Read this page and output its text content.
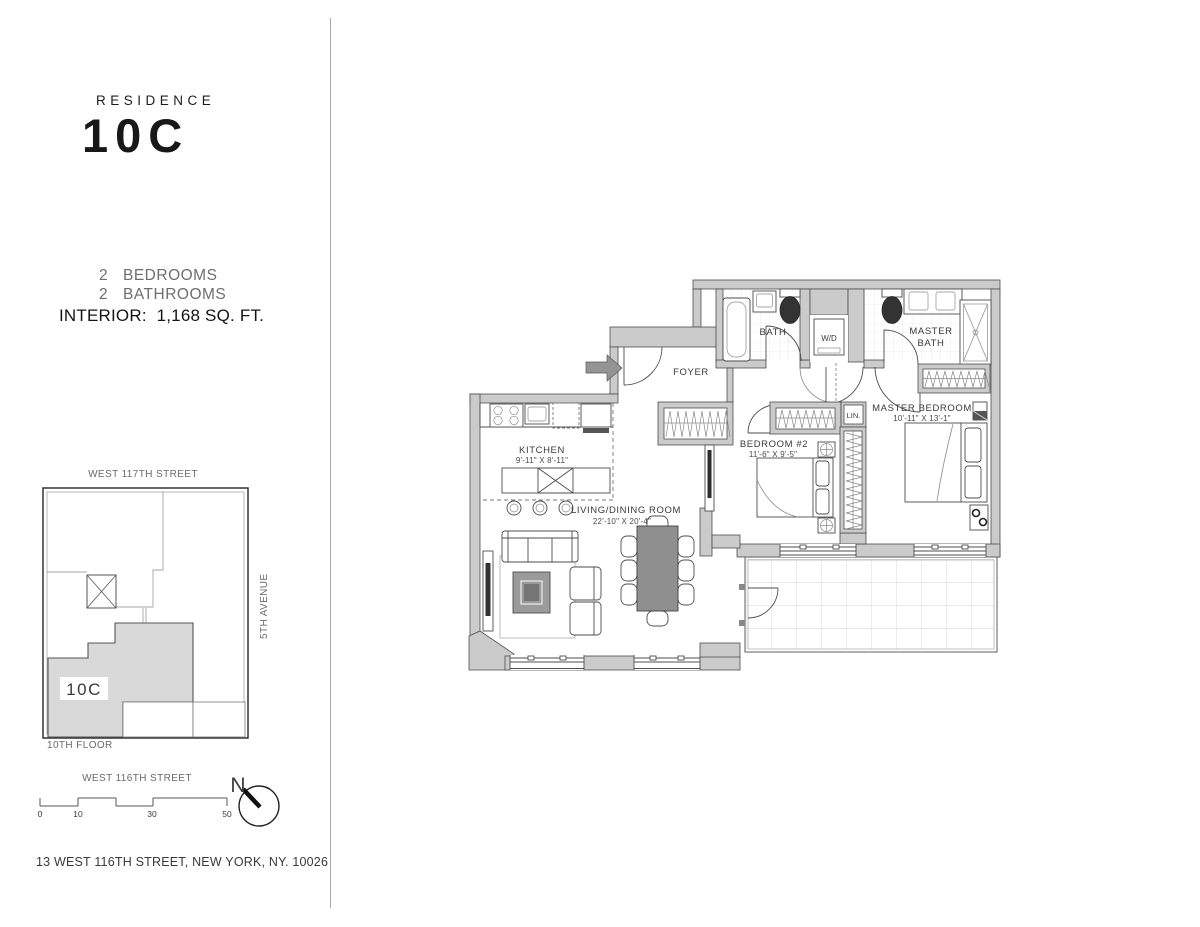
RESIDENCE
10C
2 BEDROOMS
2 BATHROOMS
INTERIOR:  1,168 SQ. FT.
10C
WEST 117TH STREET
5TH AVENUE
10TH FLOOR
WEST 116TH STREET
0	10	30	50
N
13 WEST 116TH STREET, NEW YORK, NY. 10026
W/D
LIN.
FOYER
BATH	MASTER
BATH
MASTER BEDROOM
10'-11" X 13'-1"
BEDROOM #2
11'-6" X 9'-5"
KITCHEN
9'-11" X 8'-11"
LIVING/DINING ROOM
22'-10" X 20'-4"
